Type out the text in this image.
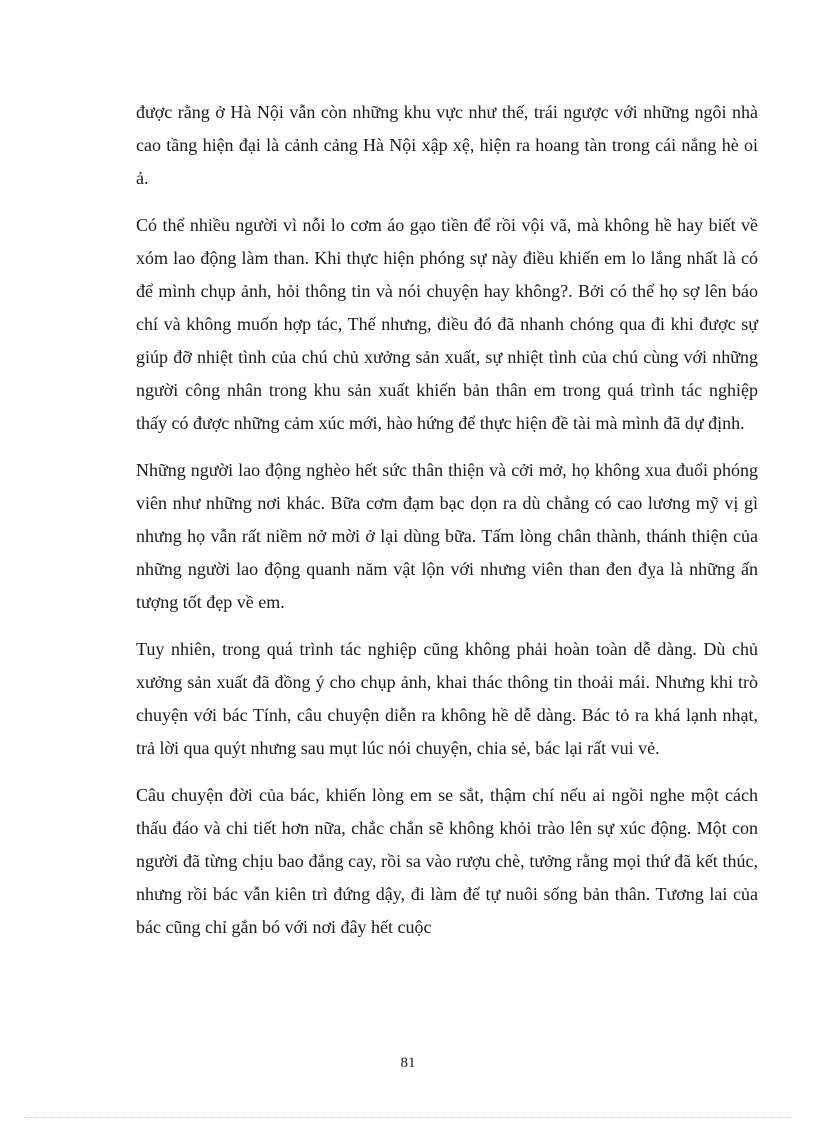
được rằng ở Hà Nội vẫn còn những khu vực như thế, trái ngược với những ngôi nhà cao tầng hiện đại là cảnh cảng Hà Nội xập xệ, hiện ra hoang tàn trong cái nắng hè oi ả.

Có thể nhiều người vì nỗi lo cơm áo gạo tiền để rồi vội vã, mà không hề hay biết về xóm lao động làm than. Khi thực hiện phóng sự này điều khiến em lo lắng nhất là có để mình chụp ảnh, hỏi thông tin và nói chuyện hay không?. Bởi có thể họ sợ lên báo chí và không muốn hợp tác, Thế nhưng, điều đó đã nhanh chóng qua đi khi được sự giúp đỡ nhiệt tình của chú chủ xưởng sản xuất, sự nhiệt tình của chú cùng với những người công nhân trong khu sản xuất khiến bản thân em trong quá trình tác nghiệp thấy có được những cảm xúc mới, hào hứng để thực hiện đề tài mà mình đã dự định.

Những người lao động nghèo hết sức thân thiện và cởi mở, họ không xua đuổi phóng viên như những nơi khác. Bữa cơm đạm bạc dọn ra dù chẳng có cao lương mỹ vị gì nhưng họ vẫn rất niềm nở mời ở lại dùng bữa. Tấm lòng chân thành, thánh thiện của những người lao động quanh năm vật lộn với nhưng viên than đen đỵa là những ấn tượng tốt đẹp về em.

Tuy nhiên, trong quá trình tác nghiệp cũng không phải hoàn toàn dễ dàng. Dù chủ xưởng sản xuất đã đồng ý cho chụp ảnh, khai thác thông tin thoải mái. Nhưng khi trò chuyện với bác Tính, câu chuyện diễn ra không hề dễ dàng. Bác tỏ ra khá lạnh nhạt, trả lời qua quýt nhưng sau mụt lúc nói chuyện, chia sẻ, bác lại rất vui vẻ.

Câu chuyện đời của bác, khiến lòng em se sắt, thậm chí nếu ai ngồi nghe một cách thấu đáo và chi tiết hơn nữa, chắc chắn sẽ không khỏi trào lên sự xúc động. Một con người đã từng chịu bao đắng cay, rồi sa vào rượu chè, tưởng rằng mọi thứ đã kết thúc, nhưng rồi bác vẫn kiên trì đứng dậy, đi làm để tự nuôi sống bản thân. Tương lai của bác cũng chỉ gắn bó với nơi đây hết cuộc

81
